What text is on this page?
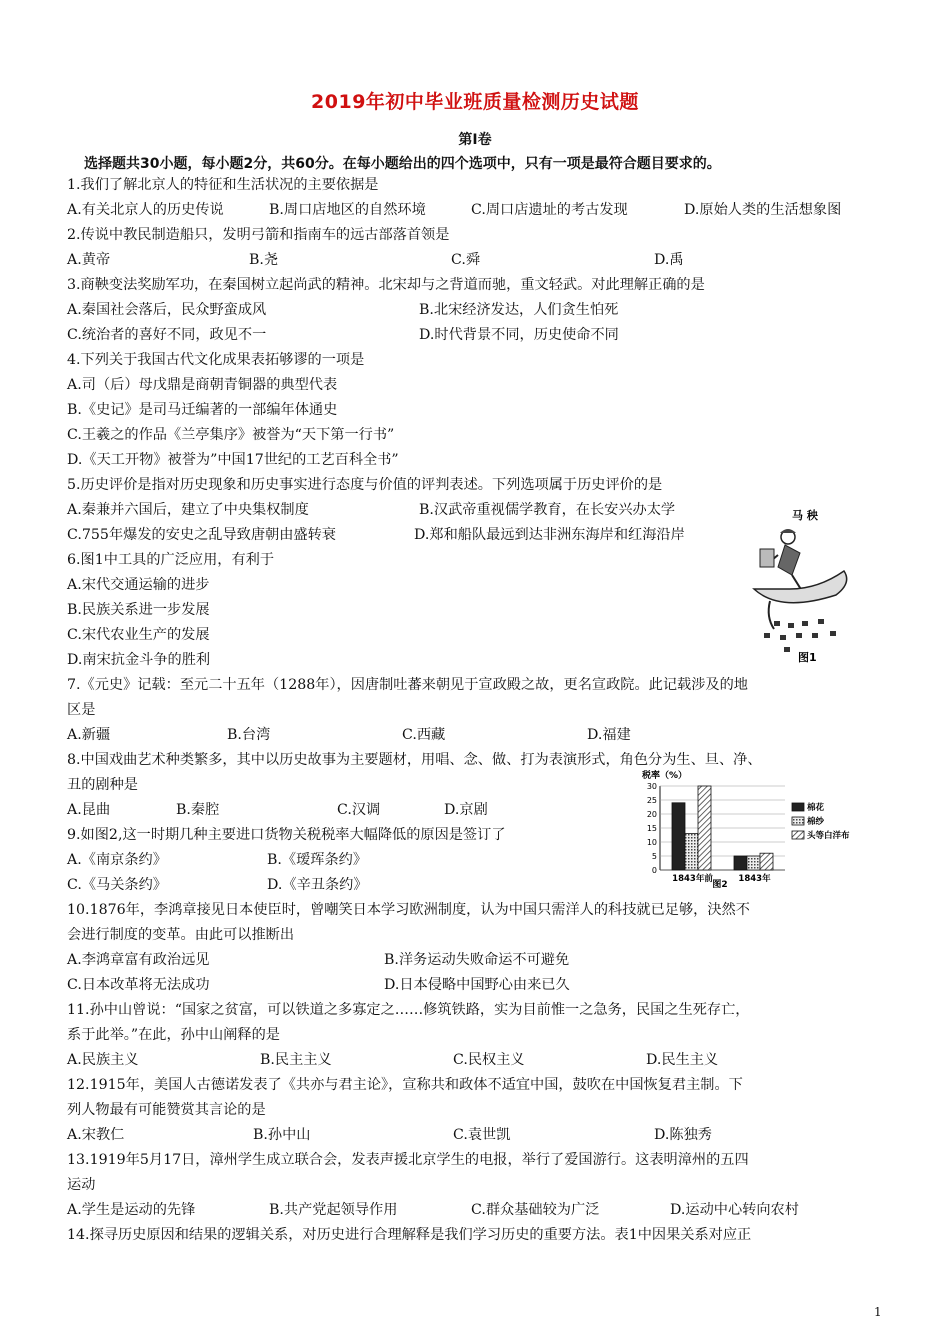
2019年初中毕业班质量检测历史试题
第Ⅰ卷
选择题共30小题，每小题2分，共60分。在每小题给出的四个选项中，只有一项是最符合题目要求的。
1.我们了解北京人的特征和生活状况的主要依据是
A.有关北京人的历史传说	B.周口店地区的自然环境	C.周口店遗址的考古发现	D.原始人类的生活想象图
2.传说中教民制造船只，发明弓箭和指南车的远古部落首领是
A.黄帝	B.尧	C.舜	D.禹
3.商鞅变法奖励军功，在秦国树立起尚武的精神。北宋却与之背道而驰，重文轻武。对此理解正确的是
A.秦国社会落后，民众野蛮成风	B.北宋经济发达，人们贪生怕死
C.统治者的喜好不同，政见不一	D.时代背景不同，历史使命不同
4.下列关于我国古代文化成果表拓够谬的一项是
A.司（后）母戊鼎是商朝青铜器的典型代表
B.《史记》是司马迁编著的一部编年体通史
C.王羲之的作品《兰亭集序》被誉为“天下第一行书”
D.《天工开物》被誉为”中国17世纪的工艺百科全书”
5.历史评价是指对历史现象和历史事实进行态度与价值的评判表述。下列选项属于历史评价的是
A.秦兼并六国后，建立了中央集权制度	B.汉武帝重视儒学教育，在长安兴办太学
C.755年爆发的安史之乱导致唐朝由盛转衰	D.郑和船队最远到达非洲东海岸和红海沿岸
6.图1中工具的广泛应用，有利于
A.宋代交通运输的进步
B.民族关系进一步发展
C.宋代农业生产的发展
D.南宋抗金斗争的胜利
马 秧
图1
7.《元史》记载：至元二十五年（1288年），因唐制吐蕃来朝见于宣政殿之故，更名宣政院。此记载涉及的地
区是
A.新疆	B.台湾	C.西藏	D.福建
8.中国戏曲艺术种类繁多，其中以历史故事为主要题材，用唱、念、做、打为表演形式，角色分为生、旦、净、
丑的剧种是
A.昆曲	B.秦腔	C.汉调	D.京剧
9.如图2,这一时期几种主要进口货物关税税率大幅降低的原因是签订了
A.《南京条约》	B.《瑷珲条约》
C.《马关条约》	D.《辛丑条约》
税率（%）
0
5
10
15
20
25
30
1843年前	1843年
图2
棉花
棉纱
头等白洋布
10.1876年，李鸿章接见日本使臣时，曾嘲笑日本学习欧洲制度，认为中国只需洋人的科技就已足够，決然不
会进行制度的变革。由此可以推断出
A.李鸿章富有政治远见	B.洋务运动失败命运不可避免
C.日本改革将无法成功	D.日本侵略中国野心由来已久
11.孙中山曾说：“国家之贫富，可以铁道之多寡定之……修筑铁路，实为目前惟一之急务，民国之生死存亡，
系于此举。”在此，孙中山阐释的是
A.民族主义	B.民主主义	C.民权主义	D.民生主义
12.1915年，美国人古德诺发表了《共亦与君主论》，宣称共和政体不适宜中国，鼓吹在中国恢复君主制。下
列人物最有可能赞赏其言论的是
A.宋教仁	B.孙中山	C.袁世凯	D.陈独秀
13.1919年5月17日，漳州学生成立联合会，发表声援北京学生的电报，举行了爱国游行。这表明漳州的五四
运动
A.学生是运动的先锋	B.共产党起领导作用	C.群众基础较为广泛	D.运动中心转向农村
14.探寻历史原因和结果的逻辑关系，对历史进行合理解释是我们学习历史的重要方法。表1中因果关系对应正
1
